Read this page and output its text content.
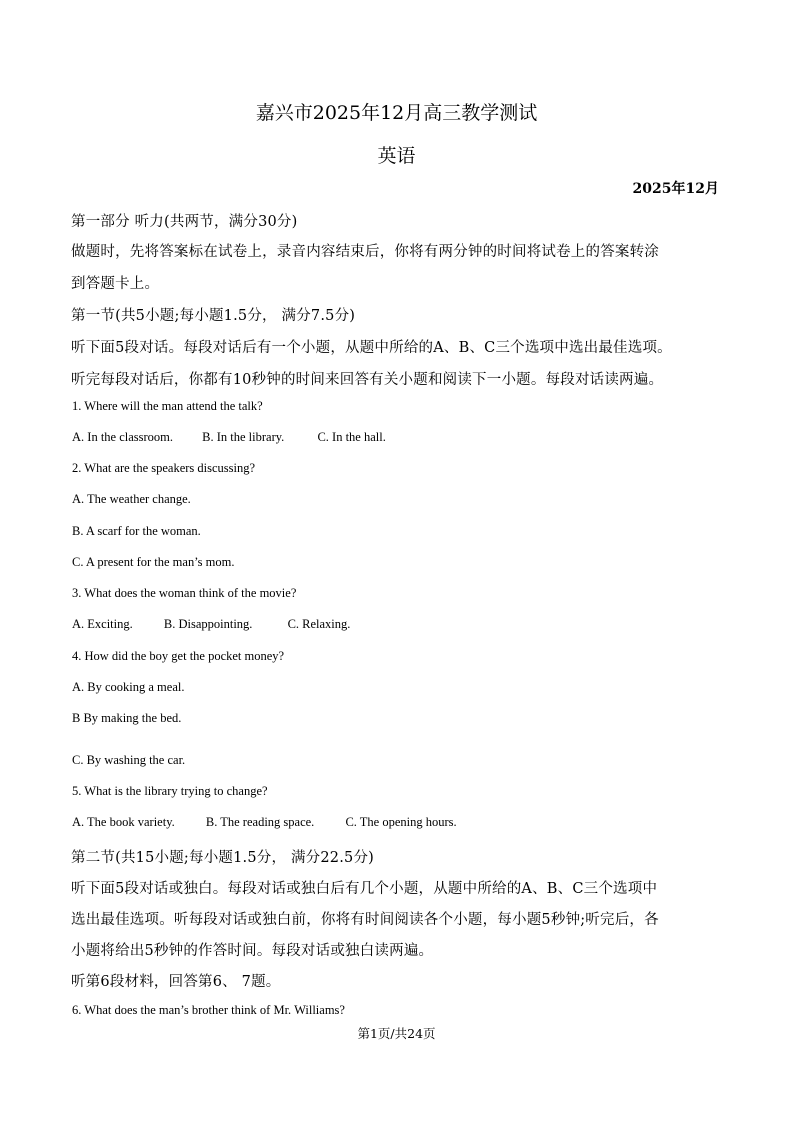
嘉兴市2025年12月高三教学测试
英语
2025年12月
第一部分 听力(共两节，满分30分)
做题时，先将答案标在试卷上，录音内容结束后，你将有两分钟的时间将试卷上的答案转涂
到答题卡上。
第一节(共5小题;每小题1.5分， 满分7.5分)
听下面5段对话。每段对话后有一个小题，从题中所给的A、B、C三个选项中选出最佳选项。
听完每段对话后，你都有10秒钟的时间来回答有关小题和阅读下一小题。每段对话读两遍。
1. Where will the man attend the talk?
A. In the classroom. B. In the library.	C. In the hall.
2. What are the speakers discussing?
A. The weather change.
B. A scarf for the woman.
C. A present for the man’s mom.
3. What does the woman think of the movie?
A. Exciting. B. Disappointing.	C. Relaxing.
4. How did the boy get the pocket money?
A. By cooking a meal.
B By making the bed.
C. By washing the car.
5. What is the library trying to change?
A. The book variety. B. The reading space. C. The opening hours.
第二节(共15小题;每小题1.5分， 满分22.5分)
听下面5段对话或独白。每段对话或独白后有几个小题，从题中所给的A、B、C三个选项中
选出最佳选项。听每段对话或独白前，你将有时间阅读各个小题，每小题5秒钟;听完后，各
小题将给出5秒钟的作答时间。每段对话或独白读两遍。
听第6段材料，回答第6、 7题。
6. What does the man’s brother think of Mr. Williams?
第1页/共24页
